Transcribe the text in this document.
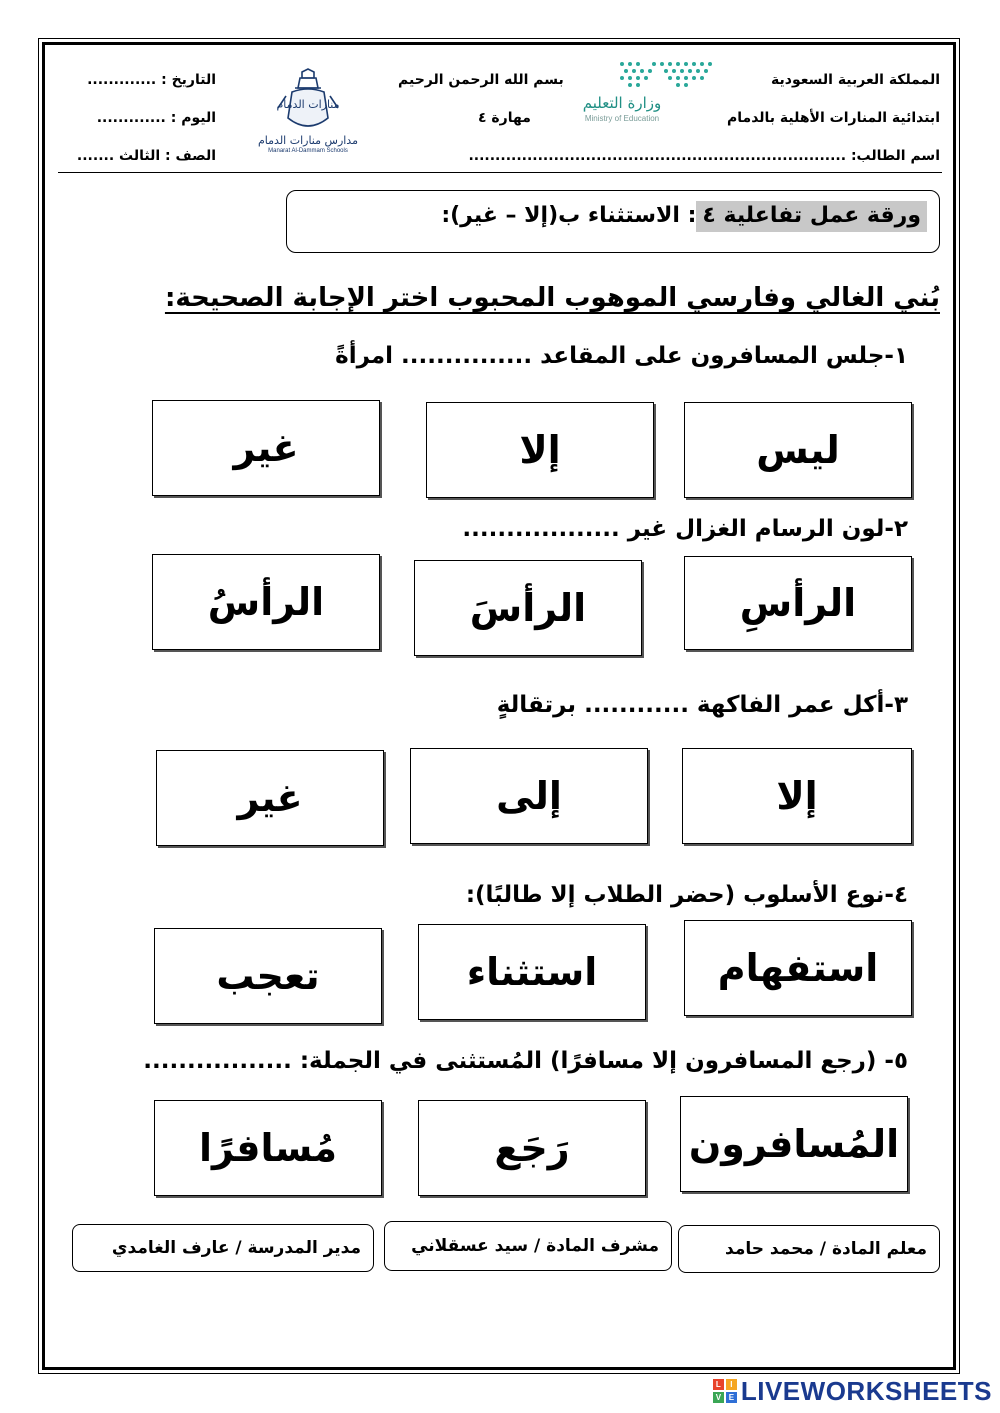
المملكة العربية السعودية
ابتدائية المنارات الأهلية بالدمام
اسم الطالب: .......................................................................
وزارة التعليم
Ministry of Education
بسم الله الرحمن الرحيم
مهارة ٤
منارات الدمام
مدارس منارات الدمام
Manarat Al-Dammam Schools
التاريخ : .............
اليوم : .............
الصف : الثالث .......
ورقة عمل تفاعلية ٤: الاستثناء ب(إلا – غير):
بُني الغالي وفارسي الموهوب المحبوب اختر الإجابة الصحيحة:
١-جلس المسافرون على المقاعد ............... امرأةً
ليس
إلا
غير
٢-لون الرسام الغزال غير ..................
الرأسِ
الرأسَ
الرأسُ
٣-أكل عمر الفاكهة ............ برتقالةٍ
إلا
إلى
غير
٤-نوع الأسلوب (حضر الطلاب إلا طالبًا):
استفهام
استثناء
تعجب
٥- (رجع المسافرون إلا مسافرًا) المُستثنى في الجملة: .................
المُسافرون
رَجَع
مُسافرًا
معلم المادة / محمد حامد
مشرف المادة / سيد عسقلاني
مدير المدرسة / عارف الغامدي
L	I
V E LIVEWORKSHEETS
